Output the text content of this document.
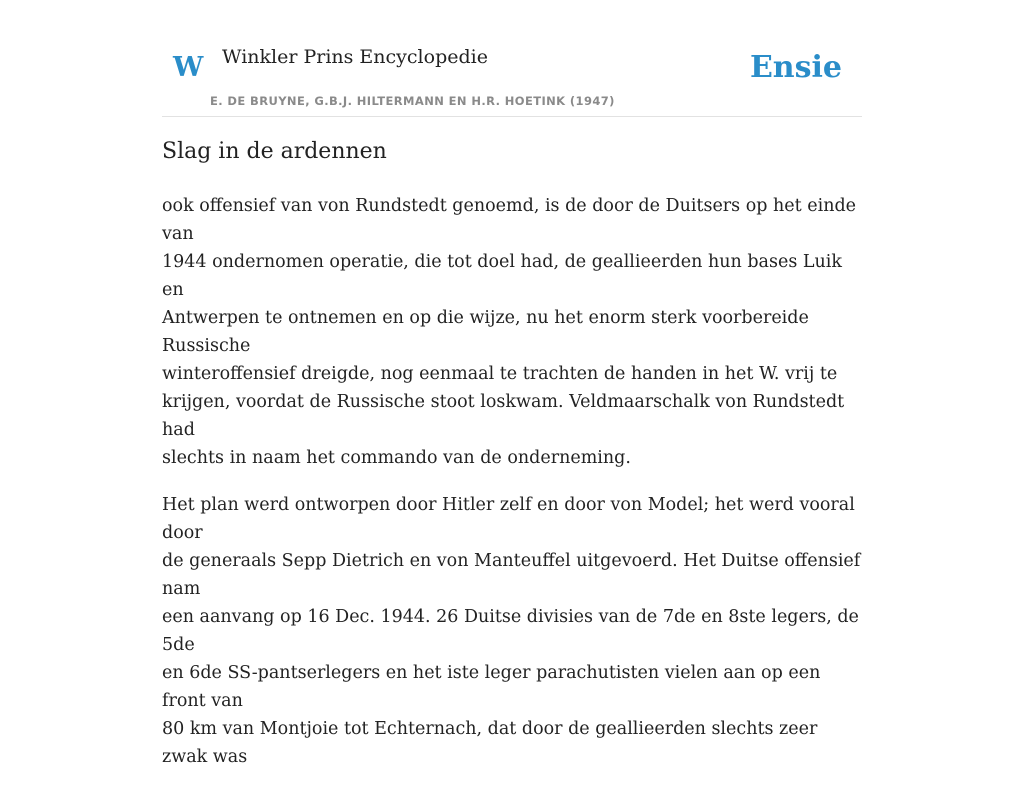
W Winkler Prins Encyclopedie
E. DE BRUYNE, G.B.J. HILTERMANN EN H.R. HOETINK (1947)
Ensie
Slag in de ardennen

ook offensief van von Rundstedt genoemd, is de door de Duitsers op het einde van
1944 ondernomen operatie, die tot doel had, de geallieerden hun bases Luik en
Antwerpen te ontnemen en op die wijze, nu het enorm sterk voorbereide Russische
winteroffensief dreigde, nog eenmaal te trachten de handen in het W. vrij te
krijgen, voordat de Russische stoot loskwam. Veldmaarschalk von Rundstedt had
slechts in naam het commando van de onderneming.

Het plan werd ontworpen door Hitler zelf en door von Model; het werd vooral door
de generaals Sepp Dietrich en von Manteuffel uitgevoerd. Het Duitse offensief nam
een aanvang op 16 Dec. 1944. 26 Duitse divisies van de 7de en 8ste legers, de 5de
en 6de SS-pantserlegers en het iste leger parachutisten vielen aan op een front van
80 km van Montjoie tot Echternach, dat door de geallieerden slechts zeer zwak was
